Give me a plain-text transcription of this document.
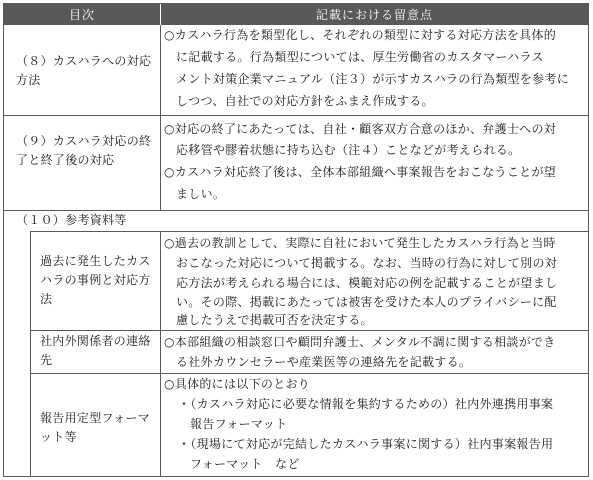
目次	記載における留意点
（８）カスハラへの対応方法

○カスハラ行為を類型化し、それぞれの類型に対する対応方法を具体的

に記載する。行為類型については、厚生労働省のカスタマーハラス

メント対策企業マニュアル（注３）が示すカスハラの行為類型を参考に

しつつ、自社での対応方針をふまえ作成する。

（９）カスハラ対応の終了と終了後の対応

○対応の終了にあたっては、自社・顧客双方合意のほか、弁護士への対

応移管や膠着状態に持ち込む（注４）ことなどが考えられる。

○カスハラ対応終了後は、全体本部組織へ事案報告をおこなうことが望

ましい。

（１０）参考資料等
過去に発生したカスハラの事例と対応方法

○過去の教訓として、実際に自社において発生したカスハラ行為と当時

おこなった対応について掲載する。なお、当時の行為に対して別の対

応方法が考えられる場合には、模範対応の例を記載することが望まし

い。その際、掲載にあたっては被害を受けた本人のプライバシーに配

慮したうえで掲載可否を決定する。

社内外関係者の連絡先

○本部組織の相談窓口や顧問弁護士、メンタル不調に関する相談ができ

る社外カウンセラーや産業医等の連絡先を記載する。

報告用定型フォーマット等

○具体的には以下のとおり

・（カスハラ対応に必要な情報を集約するための）社内外連携用事案

報告フォーマット

・（現場にて対応が完結したカスハラ事案に関する）社内事案報告用

フォーマット　など
